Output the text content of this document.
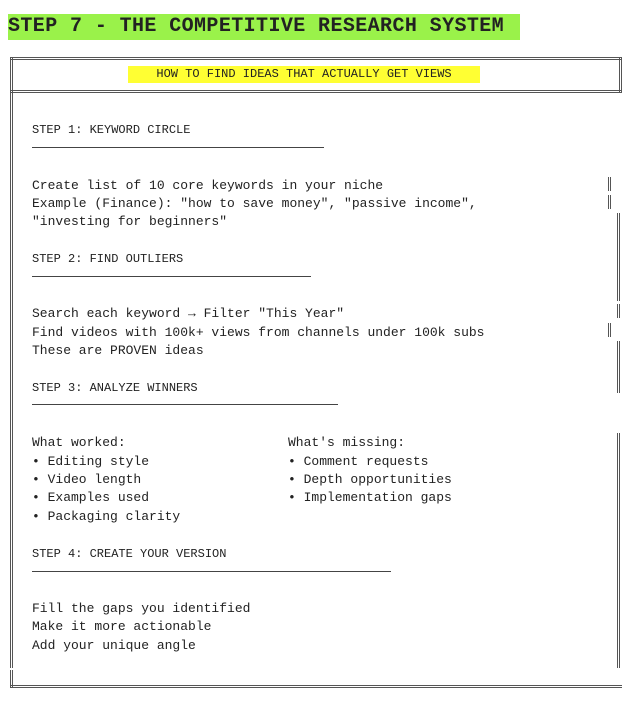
STEP 7 - THE COMPETITIVE RESEARCH SYSTEM
HOW TO FIND IDEAS THAT ACTUALLY GET VIEWS
STEP 1: KEYWORD CIRCLE
Create list of 10 core keywords in your niche
Example (Finance): "how to save money", "passive income",
"investing for beginners"
STEP 2: FIND OUTLIERS
Search each keyword → Filter "This Year"
Find videos with 100k+ views from channels under 100k subs
These are PROVEN ideas
STEP 3: ANALYZE WINNERS
What worked:	What's missing:
• Editing style
• Video length
• Examples used
• Packaging clarity
• Comment requests
• Depth opportunities
• Implementation gaps
STEP 4: CREATE YOUR VERSION
Fill the gaps you identified
Make it more actionable
Add your unique angle
